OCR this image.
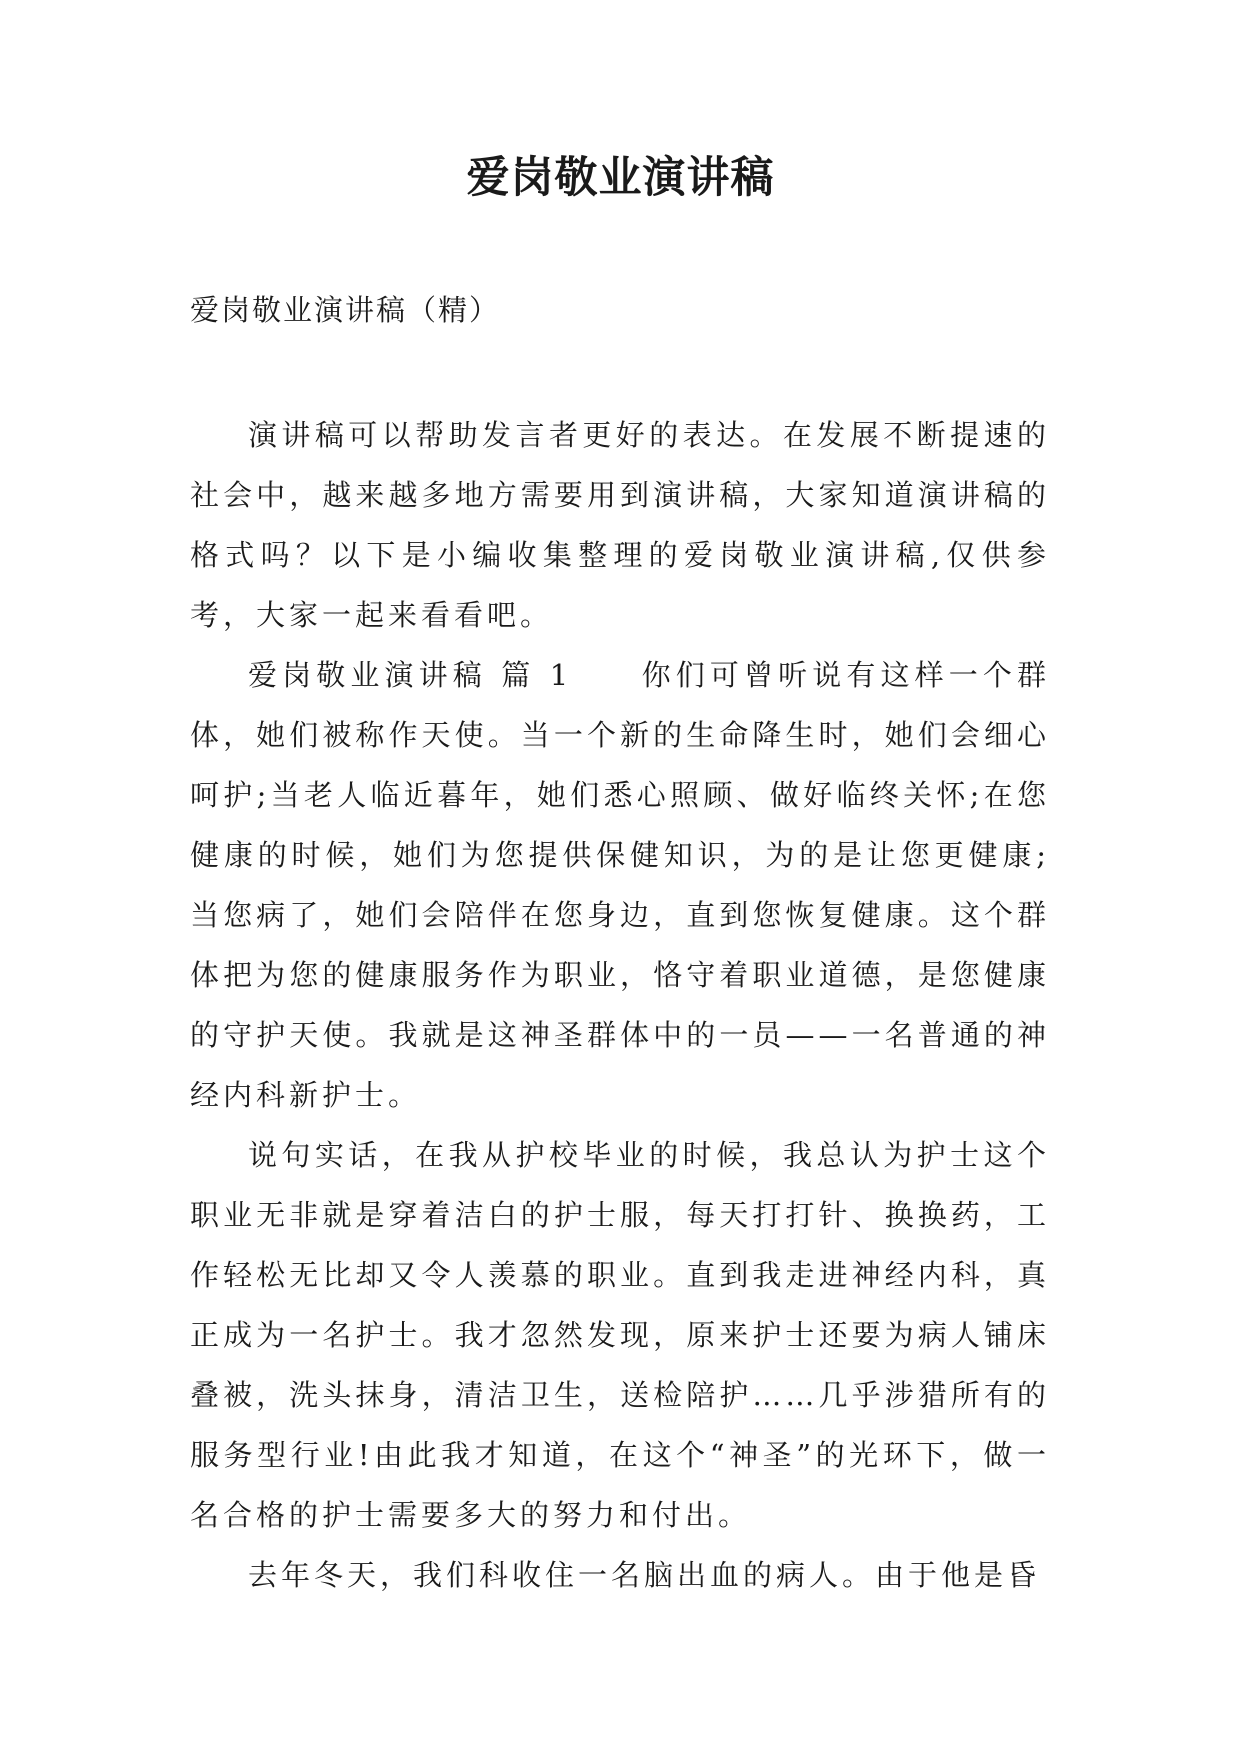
爱岗敬业演讲稿
爱岗敬业演讲稿（精）

演讲稿可以帮助发言者更好的表达。在发展不断提速的社会中，越来越多地方需要用到演讲稿，大家知道演讲稿的格式吗？以下是小编收集整理的爱岗敬业演讲稿,仅供参考，大家一起来看看吧。

爱岗敬业演讲稿 篇 1　　你们可曾听说有这样一个群体，她们被称作天使。当一个新的生命降生时，她们会细心呵护;当老人临近暮年，她们悉心照顾、做好临终关怀;在您健康的时候，她们为您提供保健知识，为的是让您更健康;当您病了，她们会陪伴在您身边，直到您恢复健康。这个群体把为您的健康服务作为职业，恪守着职业道德，是您健康的守护天使。我就是这神圣群体中的一员——一名普通的神经内科新护士。

说句实话，在我从护校毕业的时候，我总认为护士这个职业无非就是穿着洁白的护士服，每天打打针、换换药，工作轻松无比却又令人羡慕的职业。直到我走进神经内科，真正成为一名护士。我才忽然发现，原来护士还要为病人铺床叠被，洗头抹身，清洁卫生，送检陪护……几乎涉猎所有的服务型行业!由此我才知道，在这个“神圣”的光环下，做一名合格的护士需要多大的努力和付出。

去年冬天，我们科收住一名脑出血的病人。由于他是昏
